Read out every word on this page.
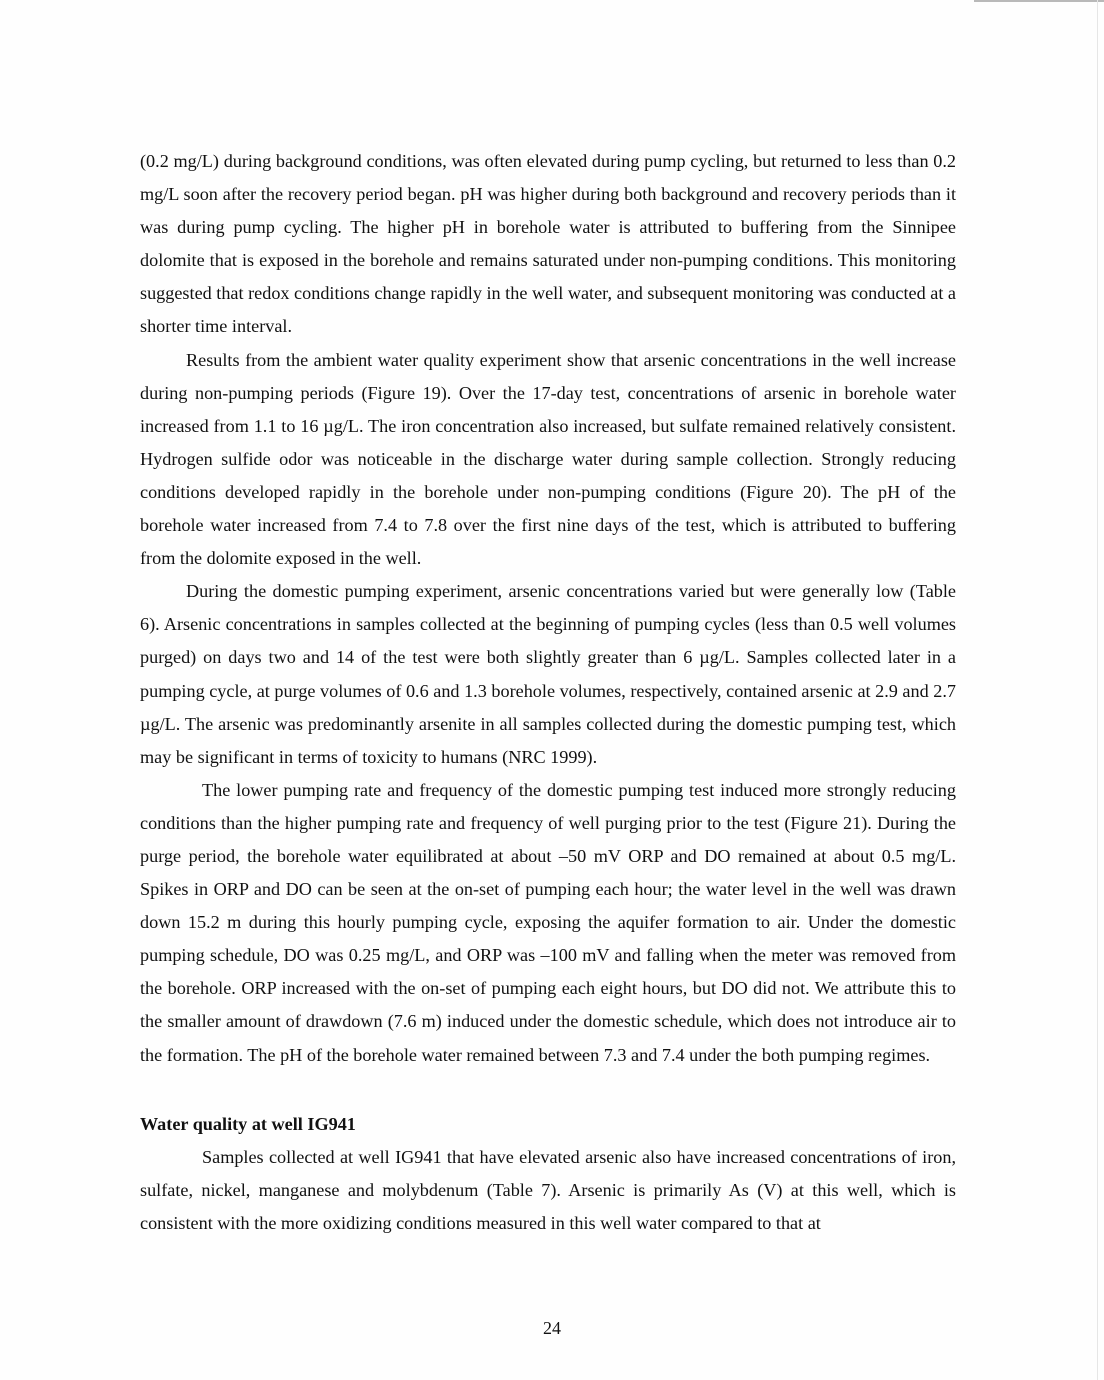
(0.2 mg/L) during background conditions, was often elevated during pump cycling, but returned to less than 0.2 mg/L soon after the recovery period began. pH was higher during both background and recovery periods than it was during pump cycling. The higher pH in borehole water is attributed to buffering from the Sinnipee dolomite that is exposed in the borehole and remains saturated under non-pumping conditions. This monitoring suggested that redox conditions change rapidly in the well water, and subsequent monitoring was conducted at a shorter time interval.

Results from the ambient water quality experiment show that arsenic concentrations in the well increase during non-pumping periods (Figure 19). Over the 17-day test, concentrations of arsenic in borehole water increased from 1.1 to 16 µg/L. The iron concentration also increased, but sulfate remained relatively consistent. Hydrogen sulfide odor was noticeable in the discharge water during sample collection. Strongly reducing conditions developed rapidly in the borehole under non-pumping conditions (Figure 20). The pH of the borehole water increased from 7.4 to 7.8 over the first nine days of the test, which is attributed to buffering from the dolomite exposed in the well.

During the domestic pumping experiment, arsenic concentrations varied but were generally low (Table 6). Arsenic concentrations in samples collected at the beginning of pumping cycles (less than 0.5 well volumes purged) on days two and 14 of the test were both slightly greater than 6 µg/L. Samples collected later in a pumping cycle, at purge volumes of 0.6 and 1.3 borehole volumes, respectively, contained arsenic at 2.9 and 2.7 µg/L. The arsenic was predominantly arsenite in all samples collected during the domestic pumping test, which may be significant in terms of toxicity to humans (NRC 1999).

The lower pumping rate and frequency of the domestic pumping test induced more strongly reducing conditions than the higher pumping rate and frequency of well purging prior to the test (Figure 21). During the purge period, the borehole water equilibrated at about –50 mV ORP and DO remained at about 0.5 mg/L. Spikes in ORP and DO can be seen at the on-set of pumping each hour; the water level in the well was drawn down 15.2 m during this hourly pumping cycle, exposing the aquifer formation to air. Under the domestic pumping schedule, DO was 0.25 mg/L, and ORP was –100 mV and falling when the meter was removed from the borehole. ORP increased with the on-set of pumping each eight hours, but DO did not. We attribute this to the smaller amount of drawdown (7.6 m) induced under the domestic schedule, which does not introduce air to the formation. The pH of the borehole water remained between 7.3 and 7.4 under the both pumping regimes.

Water quality at well IG941

Samples collected at well IG941 that have elevated arsenic also have increased concentrations of iron, sulfate, nickel, manganese and molybdenum (Table 7). Arsenic is primarily As (V) at this well, which is consistent with the more oxidizing conditions measured in this well water compared to that at

24
